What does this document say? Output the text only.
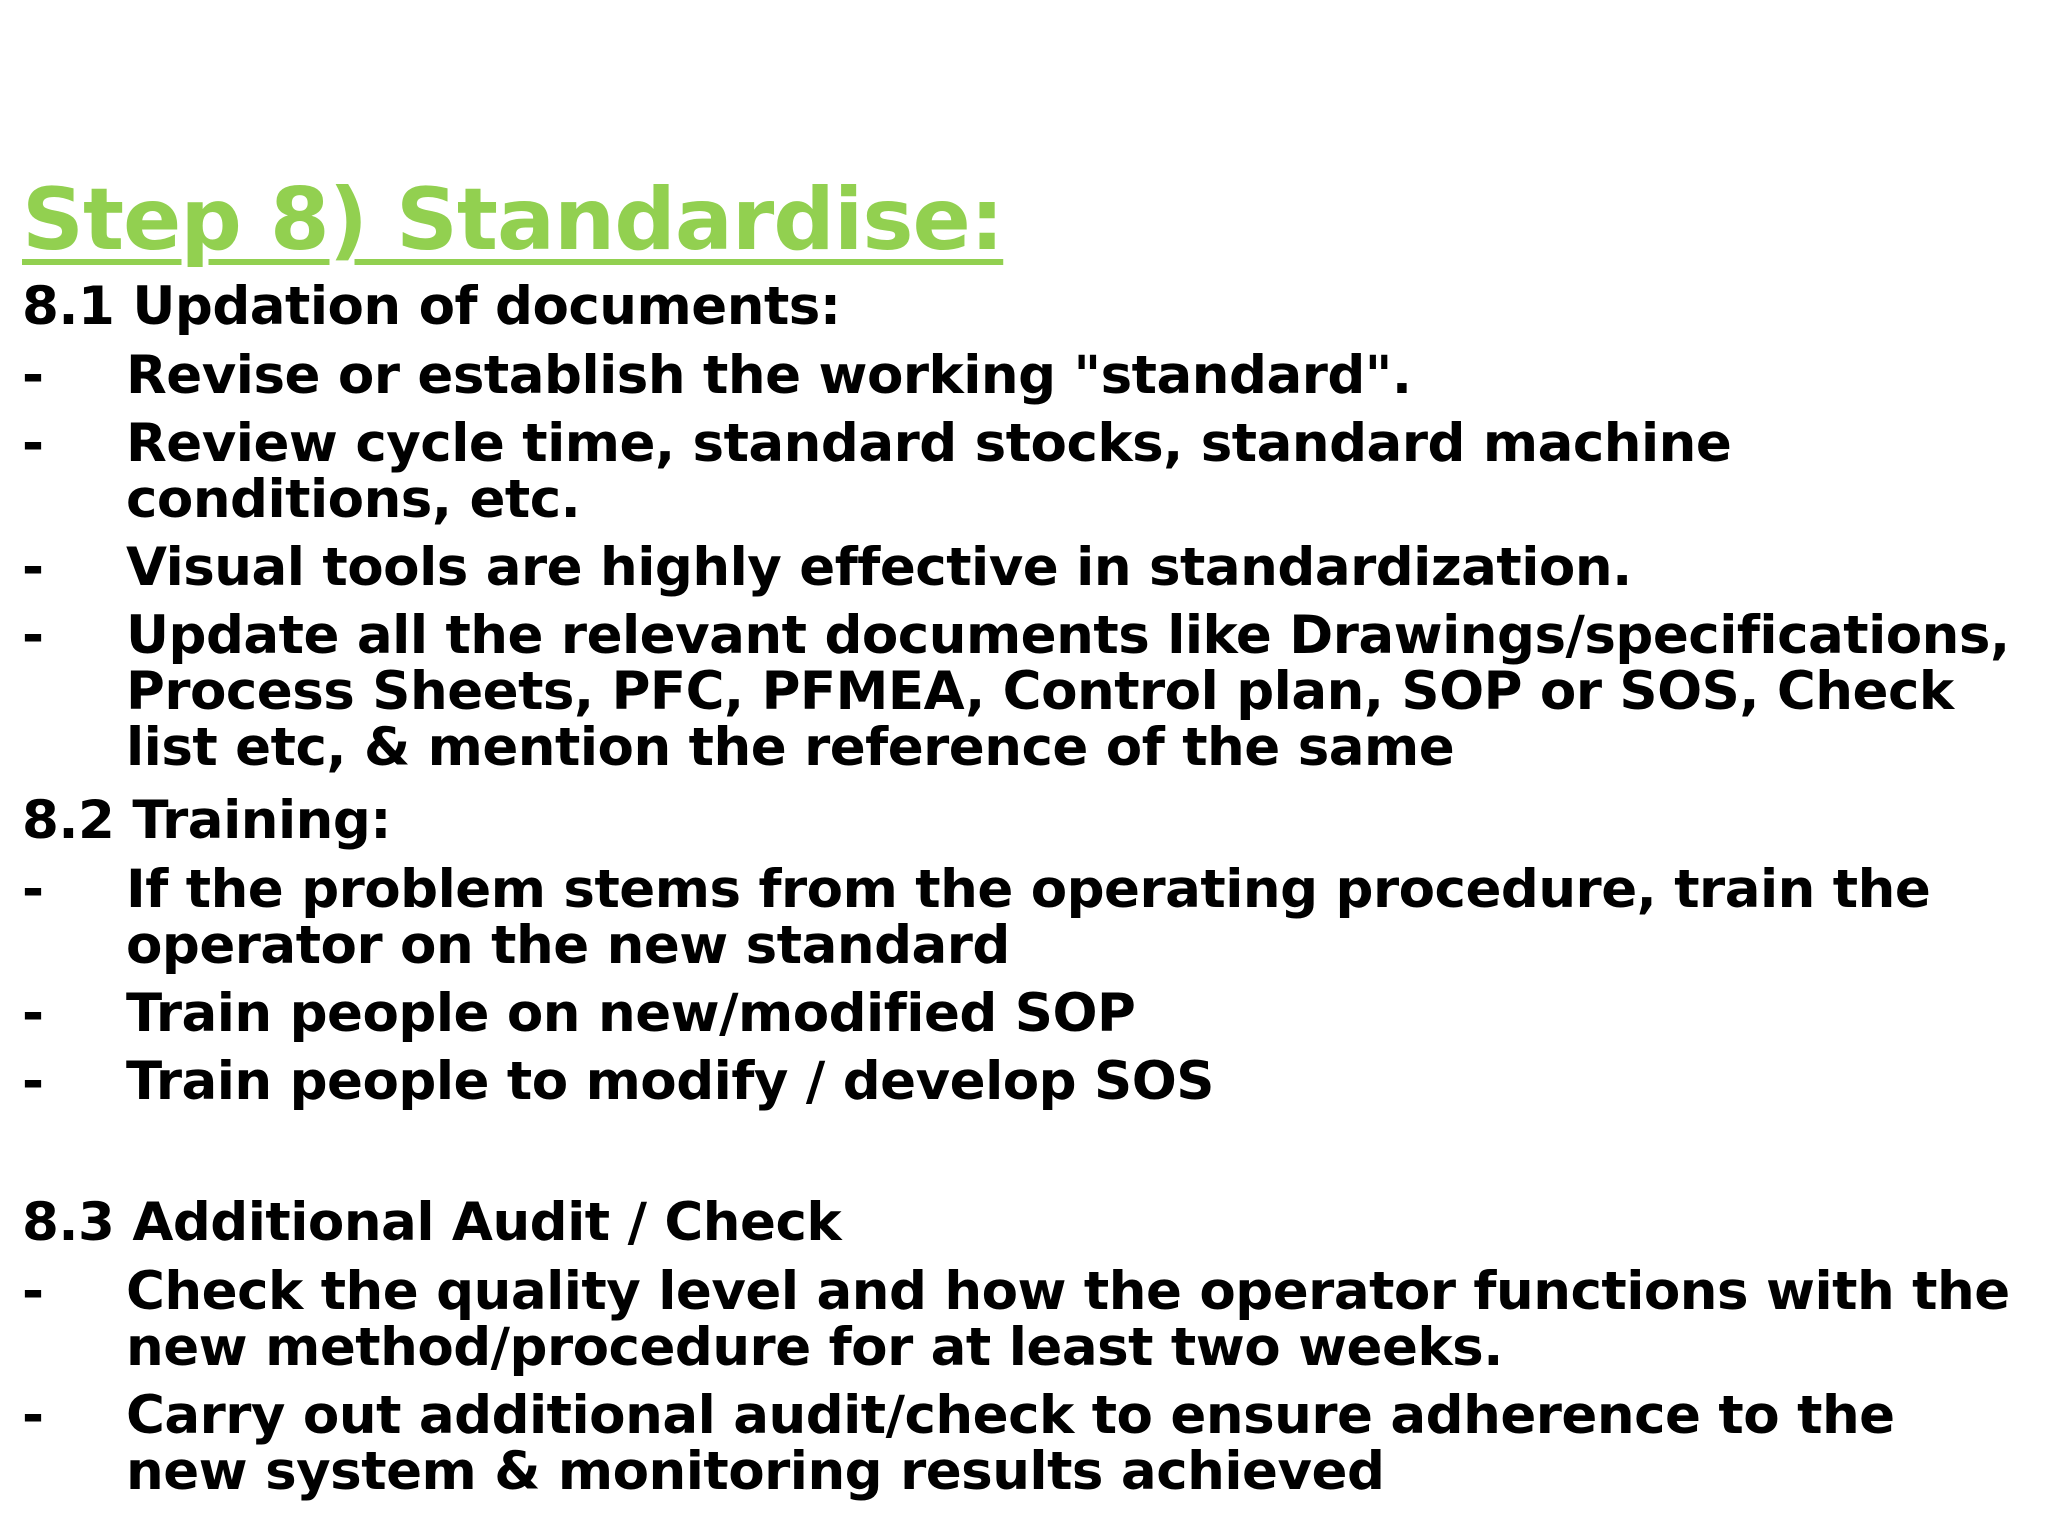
Step 8) Standardise:
8.1 Updation of documents:
-	Revise or establish the working "standard".
-	Review cycle time, standard stocks, standard machine conditions, etc.
-	Visual tools are highly effective in standardization.
-	Update all the relevant documents like Drawings/specifications, Process Sheets, PFC, PFMEA, Control plan, SOP or SOS, Check list etc, & mention the reference of the same
8.2 Training:
-	If the problem stems from the operating procedure, train the operator on the new standard
-	Train people on new/modified SOP
-	Train people to modify / develop SOS
8.3 Additional Audit / Check
-	Check the quality level and how the operator functions with the new method/procedure for at least two weeks.
-	Carry out additional audit/check to ensure adherence to the new system & monitoring results achieved
